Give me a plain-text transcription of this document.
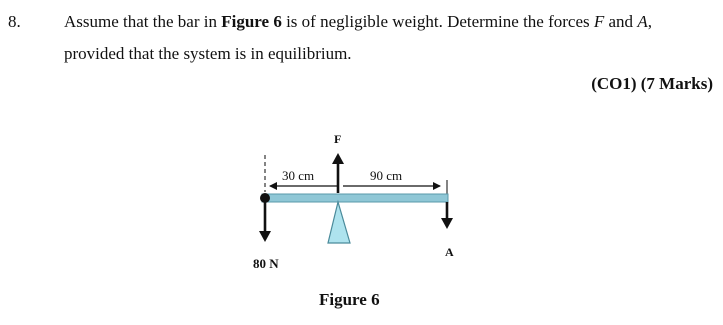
8.	Assume that the bar in Figure 6 is of negligible weight. Determine the forces F and A,
provided that the system is in equilibrium.
(CO1) (7 Marks)
30 cm	90 cm
F
80 N
A
Figure 6
